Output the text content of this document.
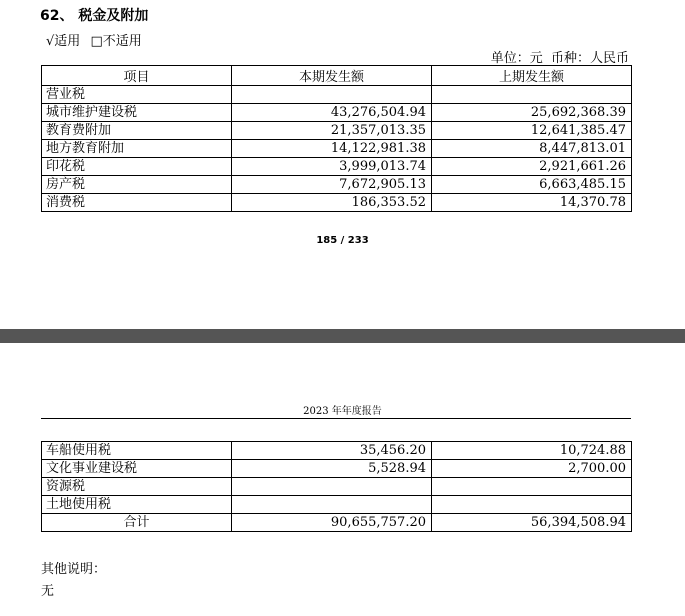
62、 税金及附加
√适用 □不适用
单位：元  币种：人民币
项目	本期发生额	上期发生额
营业税		
城市维护建设税	43,276,504.94	25,692,368.39
教育费附加	21,357,013.35	12,641,385.47
地方教育附加	14,122,981.38	8,447,813.01
印花税	3,999,013.74	2,921,661.26
房产税	7,672,905.13	6,663,485.15
消费税	186,353.52	14,370.78
185 / 233
2023 年年度报告
车船使用税	35,456.20	10,724.88
文化事业建设税	5,528.94	2,700.00
资源税		
土地使用税		
合计	90,655,757.20	56,394,508.94
其他说明：
无
